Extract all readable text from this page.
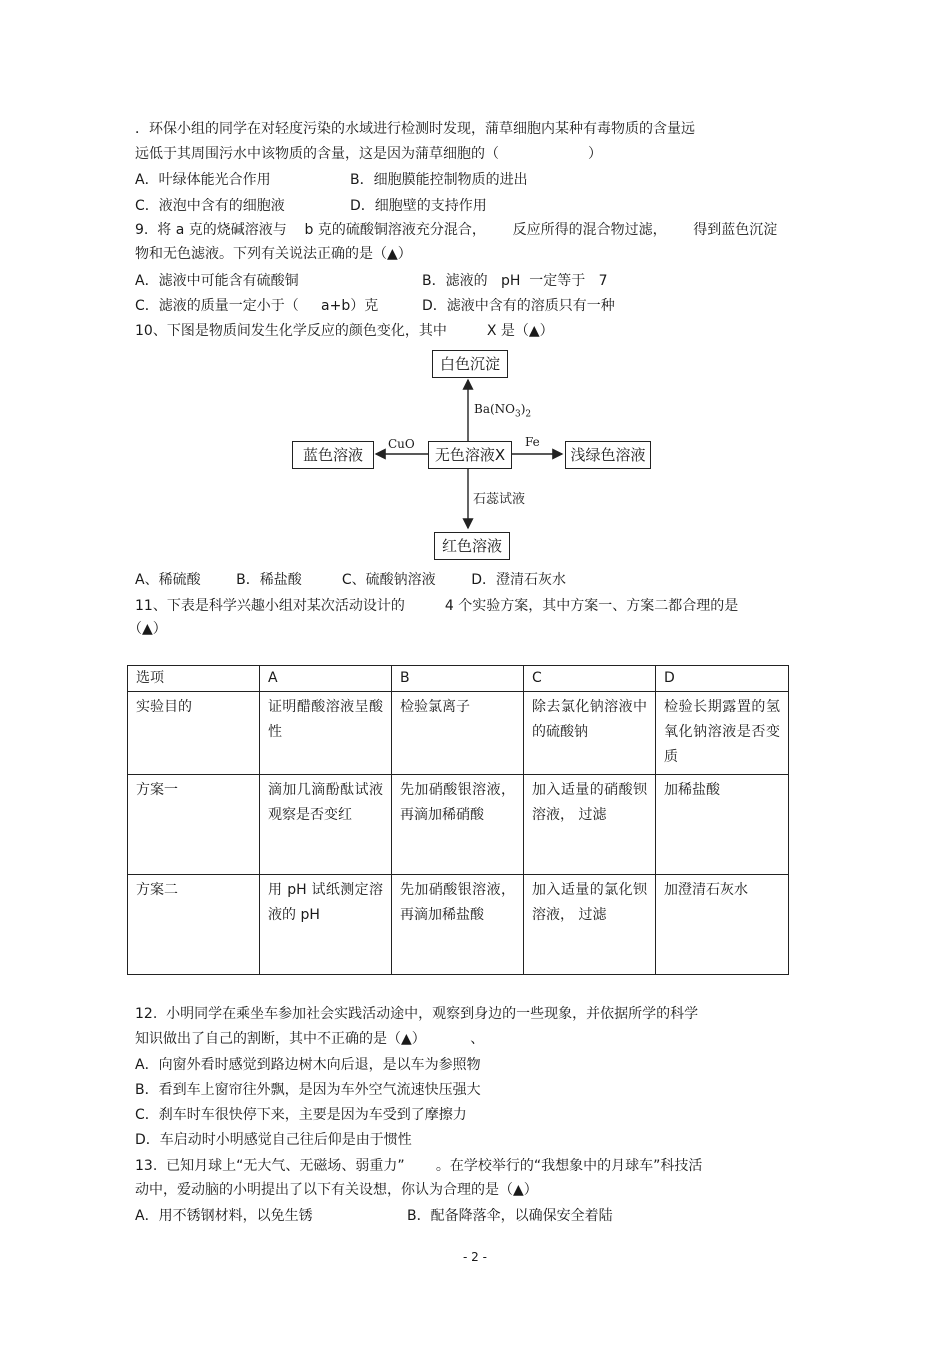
．环保小组的同学在对轻度污染的水域进行检测时发现，蒲草细胞内某种有毒物质的含量远
远低于其周围污水中该物质的含量，这是因为蒲草细胞的（                    ）
A．叶绿体能光合作用	B．细胞膜能控制物质的进出
C．液泡中含有的细胞液	D．细胞壁的支持作用
9.  将 a 克的烧碱溶液与    b 克的硫酸铜溶液充分混合，      反应所得的混合物过滤，      得到蓝色沉淀
物和无色滤液。下列有关说法正确的是（▲）
A．滤液中可能含有硫酸铜	B．滤液的   pH  一定等于   7
C．滤液的质量一定小于（     a+b）克	D．滤液中含有的溶质只有一种
10、下图是物质间发生化学反应的颜色变化，其中         X 是（▲）
白色沉淀
无色溶液X
蓝色溶液	浅绿色溶液
红色溶液
$Ba(NO_3)_2$
CuO	Fe
石蕊试液
A、稀硫酸        B．稀盐酸         C、硫酸钠溶液        D．澄清石灰水
11、下表是科学兴趣小组对某次活动设计的         4 个实验方案，其中方案一、方案二都合理的是
（▲）
选项	A	B	C	D
实验目的	证明醋酸溶液呈酸性	检验氯离子	除去氯化钠溶液中的硫酸钠	检验长期露置的氢氧化钠溶液是否变质
方案一	滴加几滴酚酞试液观察是否变红	先加硝酸银溶液，再滴加稀硝酸	加入适量的硝酸钡溶液， 过滤	加稀盐酸
方案二	用 pH 试纸测定溶液的 pH	先加硝酸银溶液，再滴加稀盐酸	加入适量的氯化钡溶液， 过滤	加澄清石灰水
12.  小明同学在乘坐车参加社会实践活动途中，观察到身边的一些现象，并依据所学的科学
知识做出了自己的割断，其中不正确的是（▲）          、
A．向窗外看时感觉到路边树木向后退，是以车为参照物
B．看到车上窗帘往外飘，是因为车外空气流速快压强大
C．刹车时车很快停下来，主要是因为车受到了摩擦力
D．车启动时小明感觉自己往后仰是由于惯性
13.  已知月球上“无大气、无磁场、弱重力”       。在学校举行的“我想象中的月球车”科技活
动中，爱动脑的小明提出了以下有关设想，你认为合理的是（▲）
A．用不锈钢材料，以免生锈	B．配备降落伞，以确保安全着陆
- 2 -
